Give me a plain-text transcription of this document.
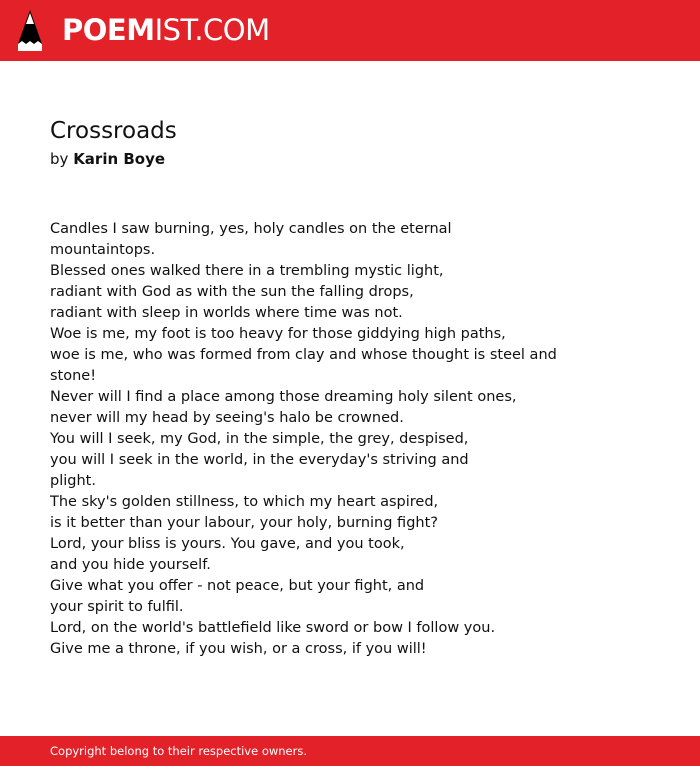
POEMIST.COM
Crossroads
by Karin Boye
Candles I saw burning, yes, holy candles on the eternal
mountaintops.
Blessed ones walked there in a trembling mystic light,
radiant with God as with the sun the falling drops,
radiant with sleep in worlds where time was not.
Woe is me, my foot is too heavy for those giddying high paths,
woe is me, who was formed from clay and whose thought is steel and
stone!
Never will I find a place among those dreaming holy silent ones,
never will my head by seeing's halo be crowned.
You will I seek, my God, in the simple, the grey, despised,
you will I seek in the world, in the everyday's striving and
plight.
The sky's golden stillness, to which my heart aspired,
is it better than your labour, your holy, burning fight?
Lord, your bliss is yours. You gave, and you took,
and you hide yourself.
Give what you offer - not peace, but your fight, and
your spirit to fulfil.
Lord, on the world's battlefield like sword or bow I follow you.
Give me a throne, if you wish, or a cross, if you will!
Copyright belong to their respective owners.
